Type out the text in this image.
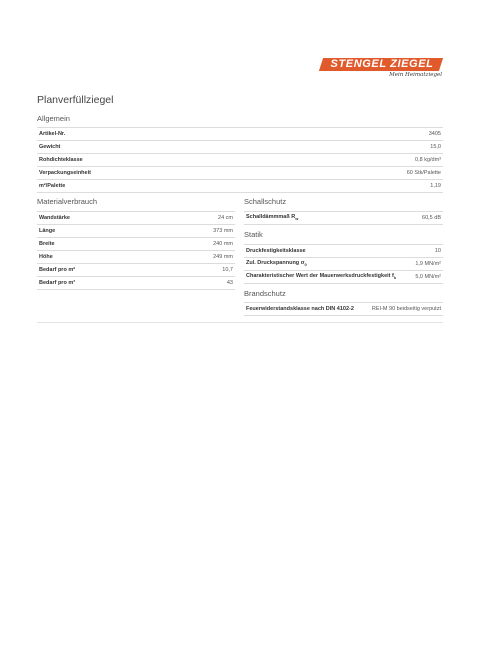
STENGEL ZIEGEL
Mein Heimatziegel
Planverfüllziegel
Allgemein
Artikel-Nr.	3405
Gewicht	15,0
Rohdichteklasse	0,8 kg/dm³
Verpackungseinheit	60 Stk/Palette
m²/Palette	1,19
Materialverbrauch
Wandstärke	24 cm
Länge	373 mm
Breite	240 mm
Höhe	249 mm
Bedarf pro m²	10,7
Bedarf pro m³	43
Schallschutz
Schalldämmmaß $R_w$	60,5 dB
Statik
Druckfestigkeitsklasse	10
Zul. Druckspannung $\sigma_0$	1,9 MN/m²
Charakteristischer Wert der Mauerwerksdruckfestigkeit $f_k$	5,0 MN/m²
Brandschutz
Feuerwiderstandsklasse nach DIN 4102-2	REI-M 90 beidseitig verputzt
